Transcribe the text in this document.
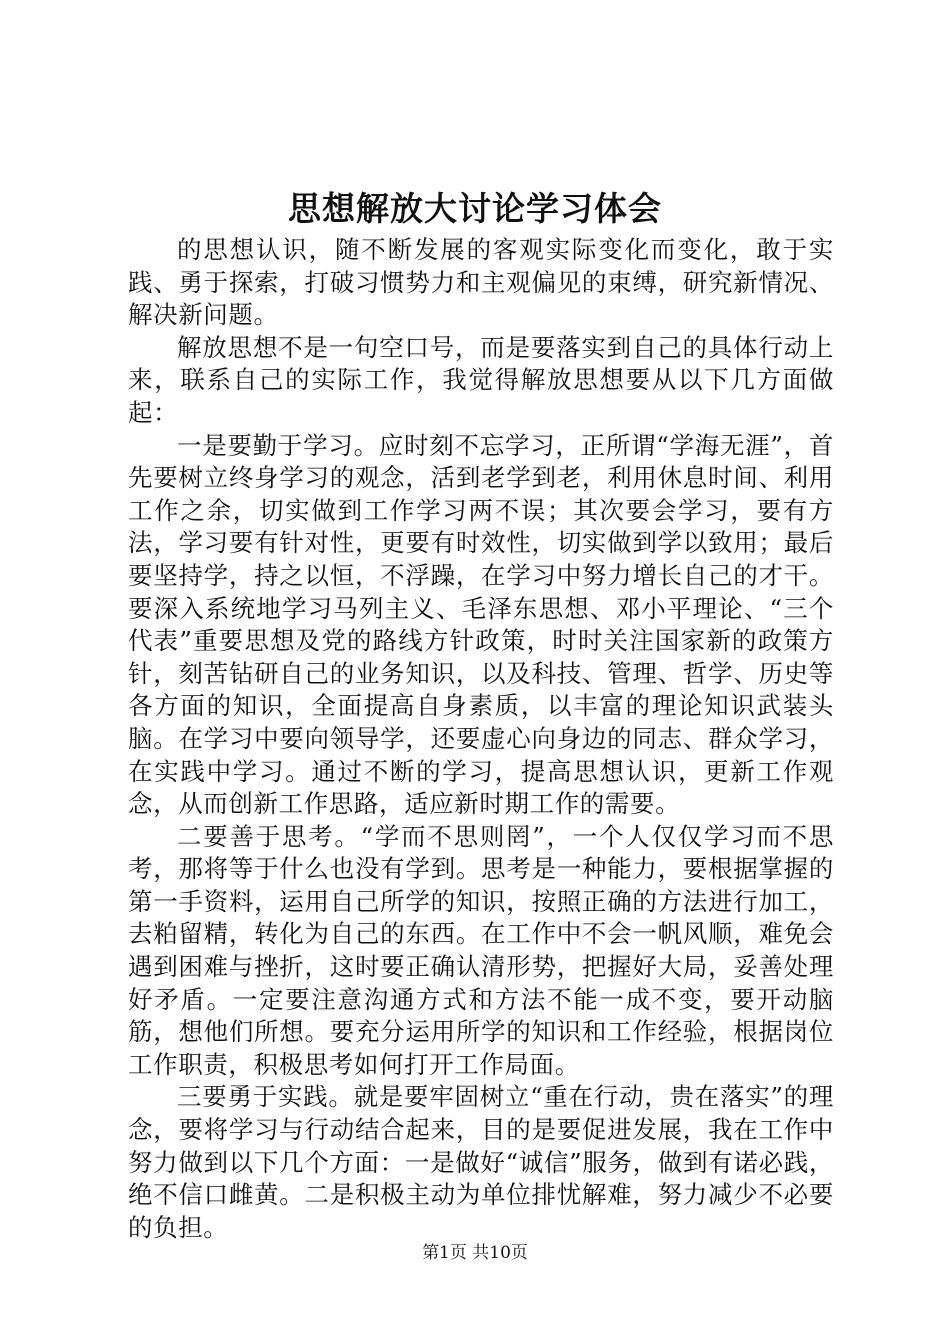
思想解放大讨论学习体会

的思想认识，随不断发展的客观实际变化而变化，敢于实践、勇于探索，打破习惯势力和主观偏见的束缚，研究新情况、解决新问题。

解放思想不是一句空口号，而是要落实到自己的具体行动上来，联系自己的实际工作，我觉得解放思想要从以下几方面做起：

一是要勤于学习。应时刻不忘学习，正所谓“学海无涯”，首先要树立终身学习的观念，活到老学到老，利用休息时间、利用工作之余，切实做到工作学习两不误；其次要会学习，要有方法，学习要有针对性，更要有时效性，切实做到学以致用；最后要坚持学，持之以恒，不浮躁，在学习中努力增长自己的才干。要深入系统地学习马列主义、毛泽东思想、邓小平理论、“三个代表”重要思想及党的路线方针政策，时时关注国家新的政策方针，刻苦钻研自己的业务知识，以及科技、管理、哲学、历史等各方面的知识，全面提高自身素质，以丰富的理论知识武装头脑。在学习中要向领导学，还要虚心向身边的同志、群众学习，在实践中学习。通过不断的学习，提高思想认识，更新工作观念，从而创新工作思路，适应新时期工作的需要。

二要善于思考。“学而不思则罔”，一个人仅仅学习而不思考，那将等于什么也没有学到。思考是一种能力，要根据掌握的第一手资料，运用自己所学的知识，按照正确的方法进行加工，去粕留精，转化为自己的东西。在工作中不会一帆风顺，难免会遇到困难与挫折，这时要正确认清形势，把握好大局，妥善处理好矛盾。一定要注意沟通方式和方法不能一成不变，要开动脑筋，想他们所想。要充分运用所学的知识和工作经验，根据岗位工作职责，积极思考如何打开工作局面。

三要勇于实践。就是要牢固树立“重在行动，贵在落实”的理念，要将学习与行动结合起来，目的是要促进发展，我在工作中努力做到以下几个方面：一是做好“诚信”服务，做到有诺必践，绝不信口雌黄。二是积极主动为单位排忧解难，努力减少不必要的负担。

第1页 共10页
